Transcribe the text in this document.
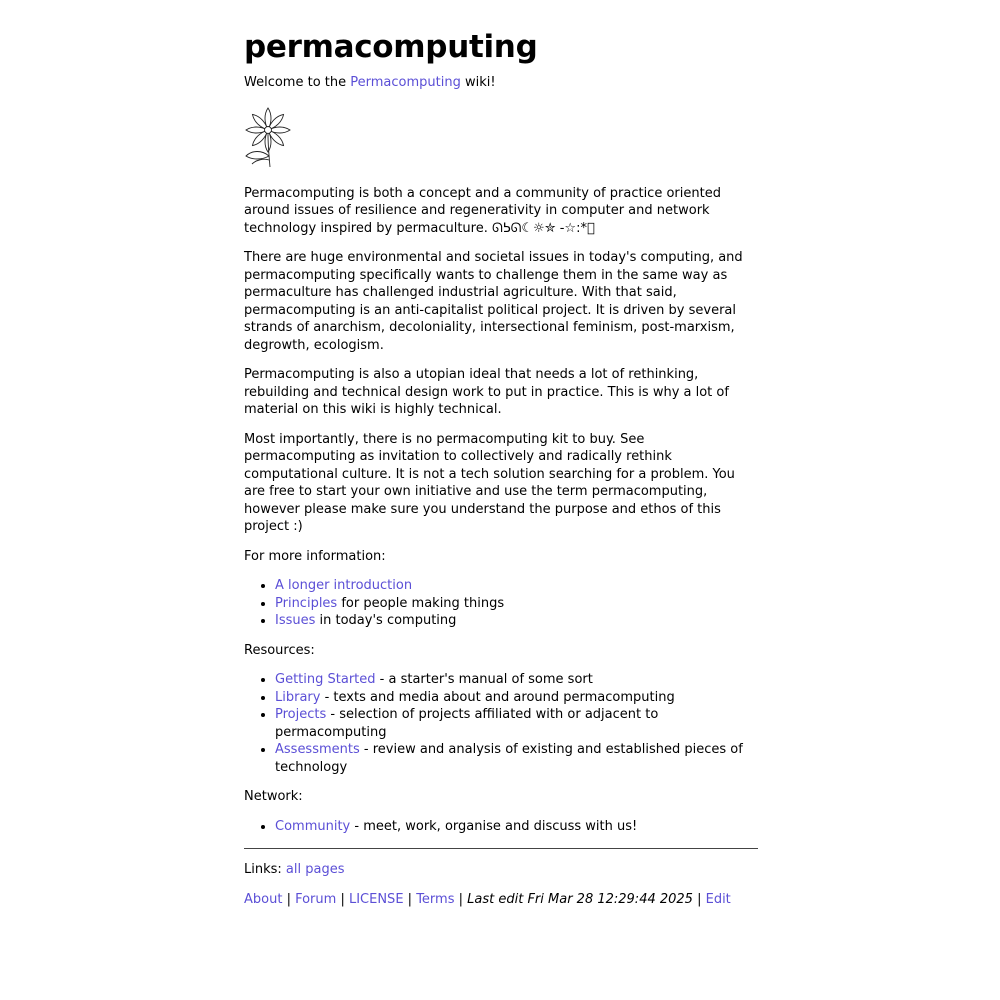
permacomputing

Welcome to the Permacomputing wiki!

Permacomputing is both a concept and a community of practice oriented around issues of resilience and regenerativity in computer and network technology inspired by permaculture. ᘏᕊᘏ☾☼✮ -☆:*゚

There are huge environmental and societal issues in today's computing, and permacomputing specifically wants to challenge them in the same way as permaculture has challenged industrial agriculture. With that said, permacomputing is an anti-capitalist political project. It is driven by several strands of anarchism, decoloniality, intersectional feminism, post-marxism, degrowth, ecologism.

Permacomputing is also a utopian ideal that needs a lot of rethinking, rebuilding and technical design work to put in practice. This is why a lot of material on this wiki is highly technical.

Most importantly, there is no permacomputing kit to buy. See permacomputing as invitation to collectively and radically rethink computational culture. It is not a tech solution searching for a problem. You are free to start your own initiative and use the term permacomputing, however please make sure you understand the purpose and ethos of this project :)

For more information:

• A longer introduction
• Principles for people making things
• Issues in today's computing

Resources:

• Getting Started - a starter's manual of some sort
• Library - texts and media about and around permacomputing
• Projects - selection of projects affiliated with or adjacent to permacomputing
• Assessments - review and analysis of existing and established pieces of technology

Network:

• Community - meet, work, organise and discuss with us!

Links: all pages

About | Forum | LICENSE | Terms | Last edit Fri Mar 28 12:29:44 2025 | Edit
